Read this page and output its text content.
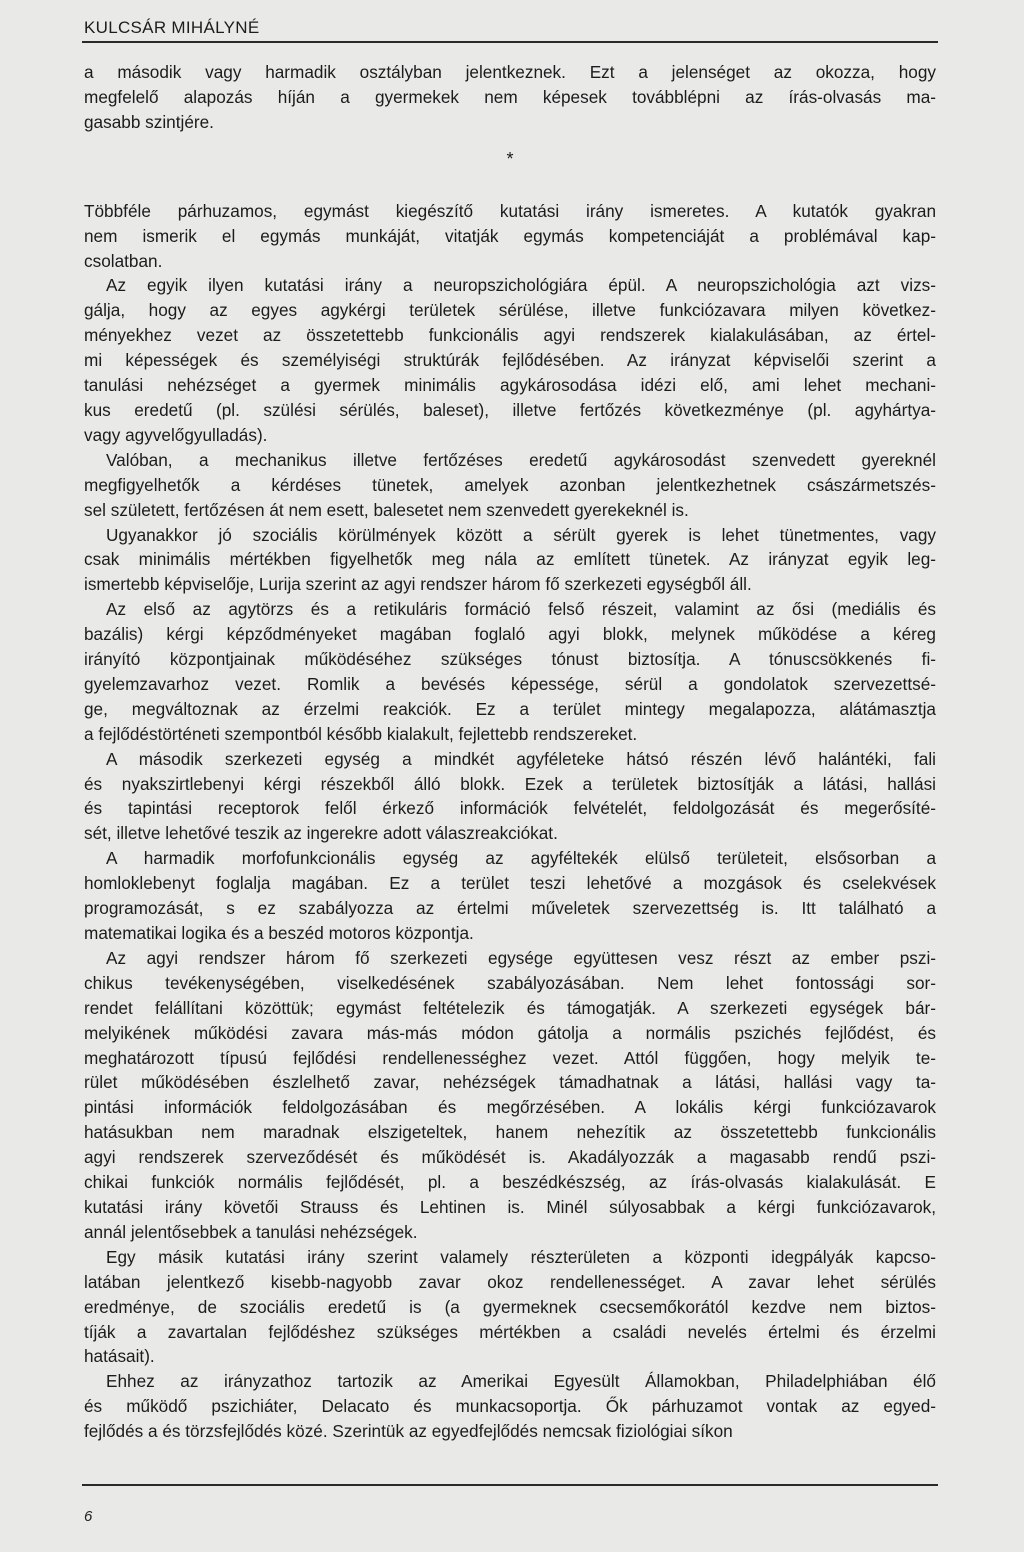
KULCSÁR MIHÁLYNÉ

a második vagy harmadik osztályban jelentkeznek. Ezt a jelenséget az okozza, hogy
megfelelő alapozás híján a gyermekek nem képesek továbblépni az írás-olvasás ma-
gasabb szintjére.

*

Többféle párhuzamos, egymást kiegészítő kutatási irány ismeretes. A kutatók gyakran
nem ismerik el egymás munkáját, vitatják egymás kompetenciáját a problémával kap-
csolatban.

Az egyik ilyen kutatási irány a neuropszichológiára épül. A neuropszichológia azt vizs-
gálja, hogy az egyes agykérgi területek sérülése, illetve funkciózavara milyen következ-
ményekhez vezet az összetettebb funkcionális agyi rendszerek kialakulásában, az értel-
mi képességek és személyiségi struktúrák fejlődésében. Az irányzat képviselői szerint a
tanulási nehézséget a gyermek minimális agykárosodása idézi elő, ami lehet mechani-
kus eredetű (pl. szülési sérülés, baleset), illetve fertőzés következménye (pl. agyhártya-
vagy agyvelőgyulladás).

Valóban, a mechanikus illetve fertőzéses eredetű agykárosodást szenvedett gyereknél
megfigyelhetők a kérdéses tünetek, amelyek azonban jelentkezhetnek császármetszés-
sel született, fertőzésen át nem esett, balesetet nem szenvedett gyerekeknél is.

Ugyanakkor jó szociális körülmények között a sérült gyerek is lehet tünetmentes, vagy
csak minimális mértékben figyelhetők meg nála az említett tünetek. Az irányzat egyik leg-
ismertebb képviselője, Lurija szerint az agyi rendszer három fő szerkezeti egységből áll.

Az első az agytörzs és a retikuláris formáció felső részeit, valamint az ősi (mediális és
bazális) kérgi képződményeket magában foglaló agyi blokk, melynek működése a kéreg
irányító központjainak működéséhez szükséges tónust biztosítja. A tónuscsökkenés fi-
gyelemzavarhoz vezet. Romlik a bevésés képessége, sérül a gondolatok szervezettsé-
ge, megváltoznak az érzelmi reakciók. Ez a terület mintegy megalapozza, alátámasztja
a fejlődéstörténeti szempontból később kialakult, fejlettebb rendszereket.

A második szerkezeti egység a mindkét agyféleteke hátsó részén lévő halántéki, fali
és nyakszirtlebenyi kérgi részekből álló blokk. Ezek a területek biztosítják a látási, hallási
és tapintási receptorok felől érkező információk felvételét, feldolgozását és megerősíté-
sét, illetve lehetővé teszik az ingerekre adott válaszreakciókat.

A harmadik morfofunkcionális egység az agyféltekék elülső területeit, elsősorban a
homloklebenyt foglalja magában. Ez a terület teszi lehetővé a mozgások és cselekvések
programozását, s ez szabályozza az értelmi műveletek szervezettség is. Itt található a
matematikai logika és a beszéd motoros központja.

Az agyi rendszer három fő szerkezeti egysége együttesen vesz részt az ember pszi-
chikus tevékenységében, viselkedésének szabályozásában. Nem lehet fontossági sor-
rendet felállítani közöttük; egymást feltételezik és támogatják. A szerkezeti egységek bár-
melyikének működési zavara más-más módon gátolja a normális pszichés fejlődést, és
meghatározott típusú fejlődési rendellenességhez vezet. Attól függően, hogy melyik te-
rület működésében észlelhető zavar, nehézségek támadhatnak a látási, hallási vagy ta-
pintási információk feldolgozásában és megőrzésében. A lokális kérgi funkciózavarok
hatásukban nem maradnak elszigeteltek, hanem nehezítik az összetettebb funkcionális
agyi rendszerek szerveződését és működését is. Akadályozzák a magasabb rendű pszi-
chikai funkciók normális fejlődését, pl. a beszédkészség, az írás-olvasás kialakulását. E
kutatási irány követői Strauss és Lehtinen is. Minél súlyosabbak a kérgi funkciózavarok,
annál jelentősebbek a tanulási nehézségek.

Egy másik kutatási irány szerint valamely részterületen a központi idegpályák kapcso-
latában jelentkező kisebb-nagyobb zavar okoz rendellenességet. A zavar lehet sérülés
eredménye, de szociális eredetű is (a gyermeknek csecsemőkorától kezdve nem biztos-
tíják a zavartalan fejlődéshez szükséges mértékben a családi nevelés értelmi és érzelmi
hatásait).

Ehhez az irányzathoz tartozik az Amerikai Egyesült Államokban, Philadelphiában élő
és működő pszichiáter, Delacato és munkacsoportja. Ők párhuzamot vontak az egyed-
fejlődés a és törzsfejlődés közé. Szerintük az egyedfejlődés nemcsak fiziológiai síkon

6
